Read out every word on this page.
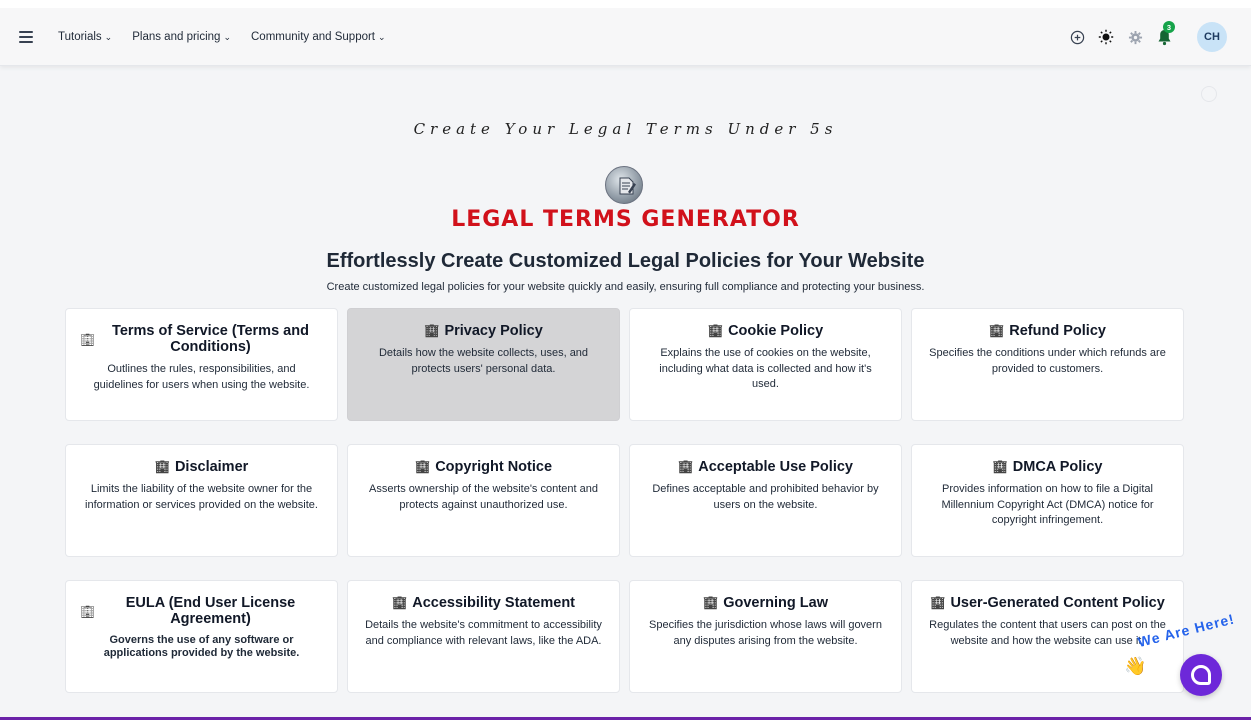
Tutorials ⌄ Plans and pricing ⌄ Community and Support ⌄
3
CH
Create Your Legal Terms Under 5s
LEGAL TERMS GENERATOR
Effortlessly Create Customized Legal Policies for Your Website
Create customized legal policies for your website quickly and easily, ensuring full compliance and protecting your business.
🏢︎
Terms of Service (Terms and Conditions)
Outlines the rules, responsibilities, and guidelines for users when using the website.
🏢︎ Privacy Policy
Details how the website collects, uses, and protects users' personal data.
🏢︎ Cookie Policy
Explains the use of cookies on the website, including what data is collected and how it's used.
🏢︎ Refund Policy
Specifies the conditions under which refunds are provided to customers.
🏢︎ Disclaimer
Limits the liability of the website owner for the information or services provided on the website.
🏢︎ Copyright Notice
Asserts ownership of the website's content and protects against unauthorized use.
🏢︎ Acceptable Use Policy
Defines acceptable and prohibited behavior by users on the website.
🏢︎ DMCA Policy
Provides information on how to file a Digital Millennium Copyright Act (DMCA) notice for copyright infringement.
🏢︎
EULA (End User License Agreement)
Governs the use of any software or applications provided by the website.
🏢︎ Accessibility Statement
Details the website's commitment to accessibility and compliance with relevant laws, like the ADA.
🏢︎ Governing Law
Specifies the jurisdiction whose laws will govern any disputes arising from the website.
🏢︎ User-Generated Content Policy
Regulates the content that users can post on the website and how the website can use it.
We Are Here!
👋
